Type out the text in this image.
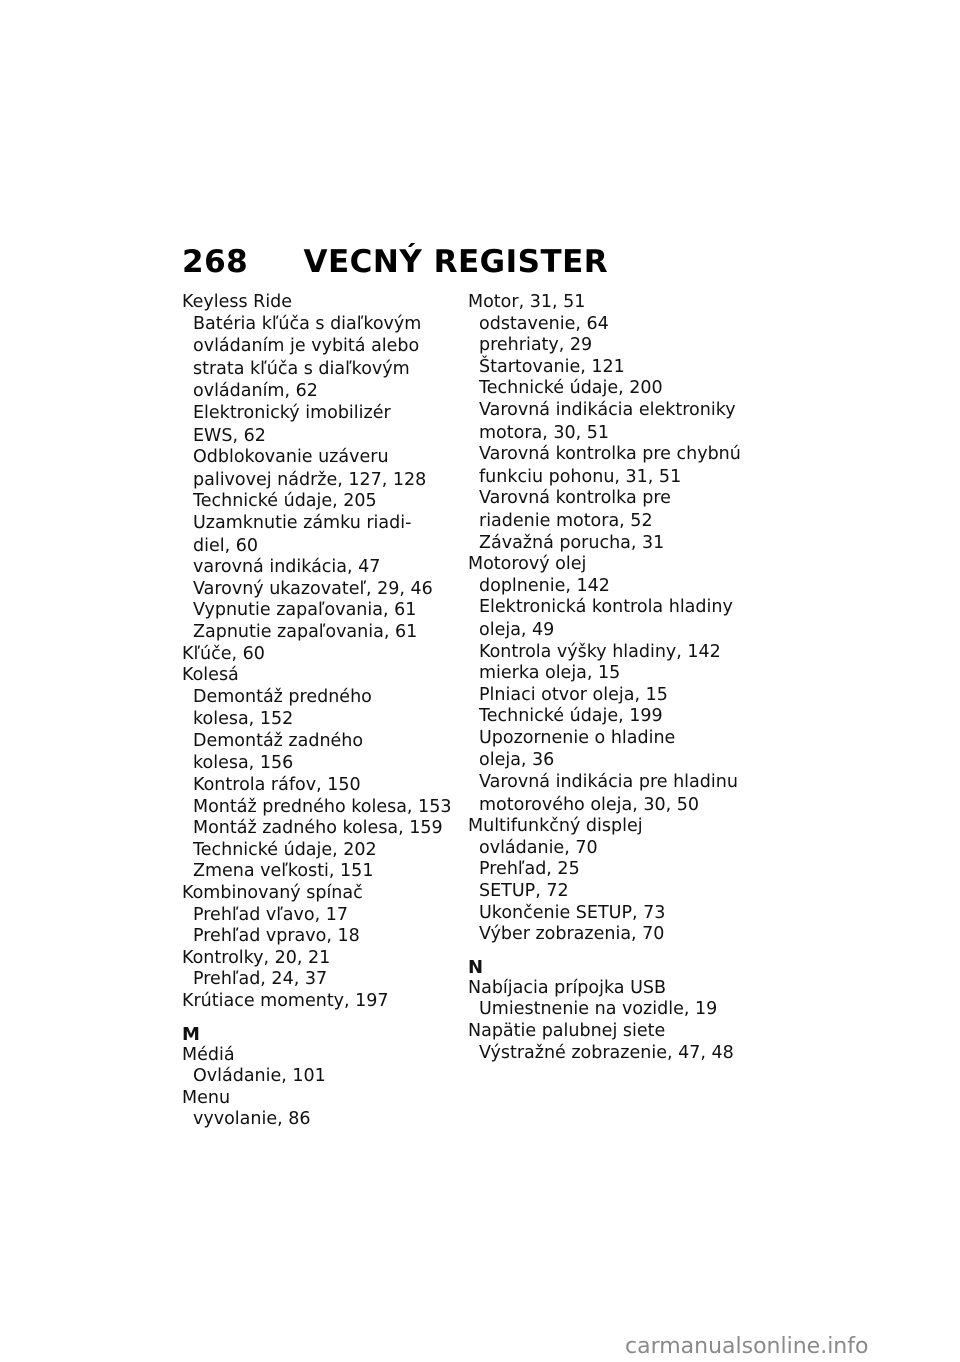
268 VECNÝ REGISTER
Keyless Ride
Batéria kľúča s diaľkovým
ovládaním je vybitá alebo
strata kľúča s diaľkovým
ovládaním, 62
Elektronický imobilizér
EWS, 62
Odblokovanie uzáveru
palivovej nádrže, 127, 128
Technické údaje, 205
Uzamknutie zámku riadi-
diel, 60
varovná indikácia, 47
Varovný ukazovateľ, 29, 46
Vypnutie zapaľovania, 61
Zapnutie zapaľovania, 61
Kľúče, 60
Kolesá
Demontáž predného
kolesa, 152
Demontáž zadného
kolesa, 156
Kontrola ráfov, 150
Montáž predného kolesa, 153
Montáž zadného kolesa, 159
Technické údaje, 202
Zmena veľkosti, 151
Kombinovaný spínač
Prehľad vľavo, 17
Prehľad vpravo, 18
Kontrolky, 20, 21
Prehľad, 24, 37
Krútiace momenty, 197
M
Médiá
Ovládanie, 101
Menu
vyvolanie, 86
Motor, 31, 51
odstavenie, 64
prehriaty, 29
Štartovanie, 121
Technické údaje, 200
Varovná indikácia elektroniky
motora, 30, 51
Varovná kontrolka pre chybnú
funkciu pohonu, 31, 51
Varovná kontrolka pre
riadenie motora, 52
Závažná porucha, 31
Motorový olej
doplnenie, 142
Elektronická kontrola hladiny
oleja, 49
Kontrola výšky hladiny, 142
mierka oleja, 15
Plniaci otvor oleja, 15
Technické údaje, 199
Upozornenie o hladine
oleja, 36
Varovná indikácia pre hladinu
motorového oleja, 30, 50
Multifunkčný displej
ovládanie, 70
Prehľad, 25
SETUP, 72
Ukončenie SETUP, 73
Výber zobrazenia, 70
N
Nabíjacia prípojka USB
Umiestnenie na vozidle, 19
Napätie palubnej siete
Výstražné zobrazenie, 47, 48
carmanualsonline.info
